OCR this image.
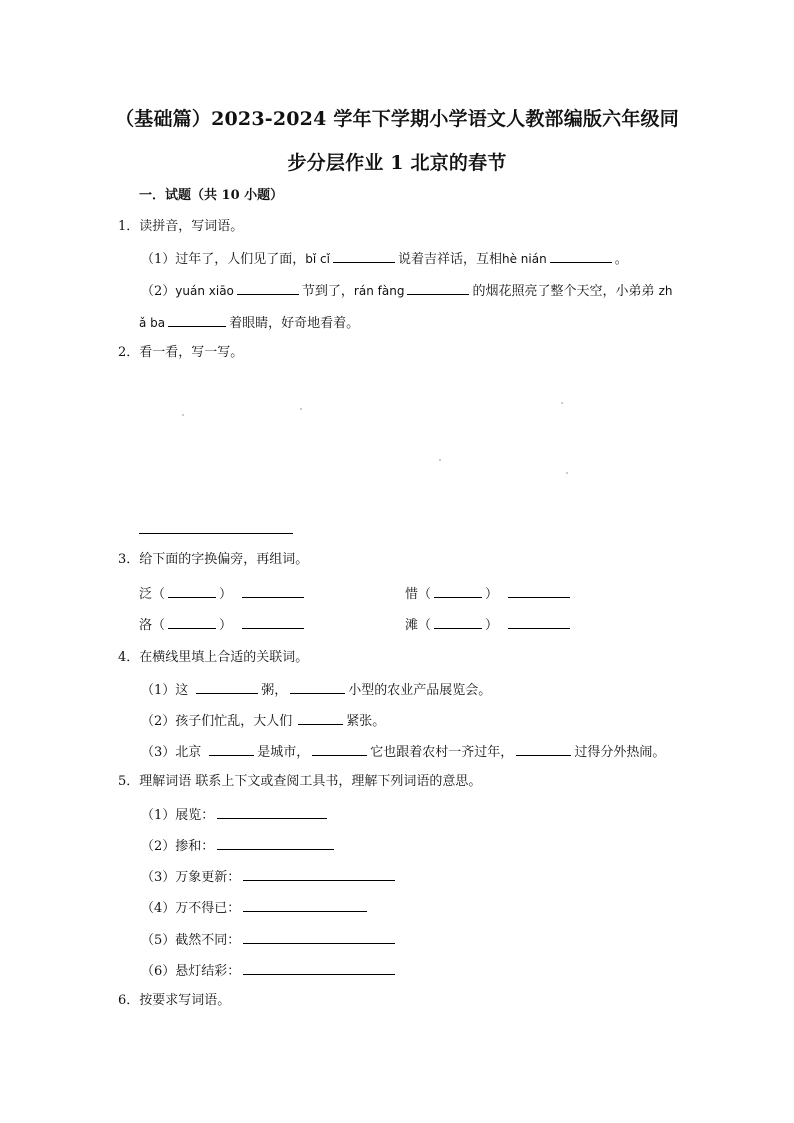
（基础篇）2023-2024 学年下学期小学语文人教部编版六年级同
步分层作业 1 北京的春节
一．试题（共 10 小题）
1．读拼音，写词语。
（1）过年了，人们见了面，bǐ cǐ	说着吉祥话，互相hè nián	。
（2）yuán xiāo	节到了，rán fàng	的烟花照亮了整个天空，小弟弟 zh
ǎ ba	着眼睛，好奇地看着。
2．看一看，写一写。
3．给下面的字换偏旁，再组词。
泛（	）	惜（	）
洛（	）	滩（	）
4．在横线里填上合适的关联词。
（1）这	粥，	小型的农业产品展览会。
（2）孩子们忙乱，大人们	紧张。
（3）北京	是城市，	它也跟着农村一齐过年，	过得分外热闹。
5．理解词语 联系上下文或查阅工具书，理解下列词语的意思。
（1）展览：
（2）掺和：
（3）万象更新：
（4）万不得已：
（5）截然不同：
（6）悬灯结彩：
6．按要求写词语。
